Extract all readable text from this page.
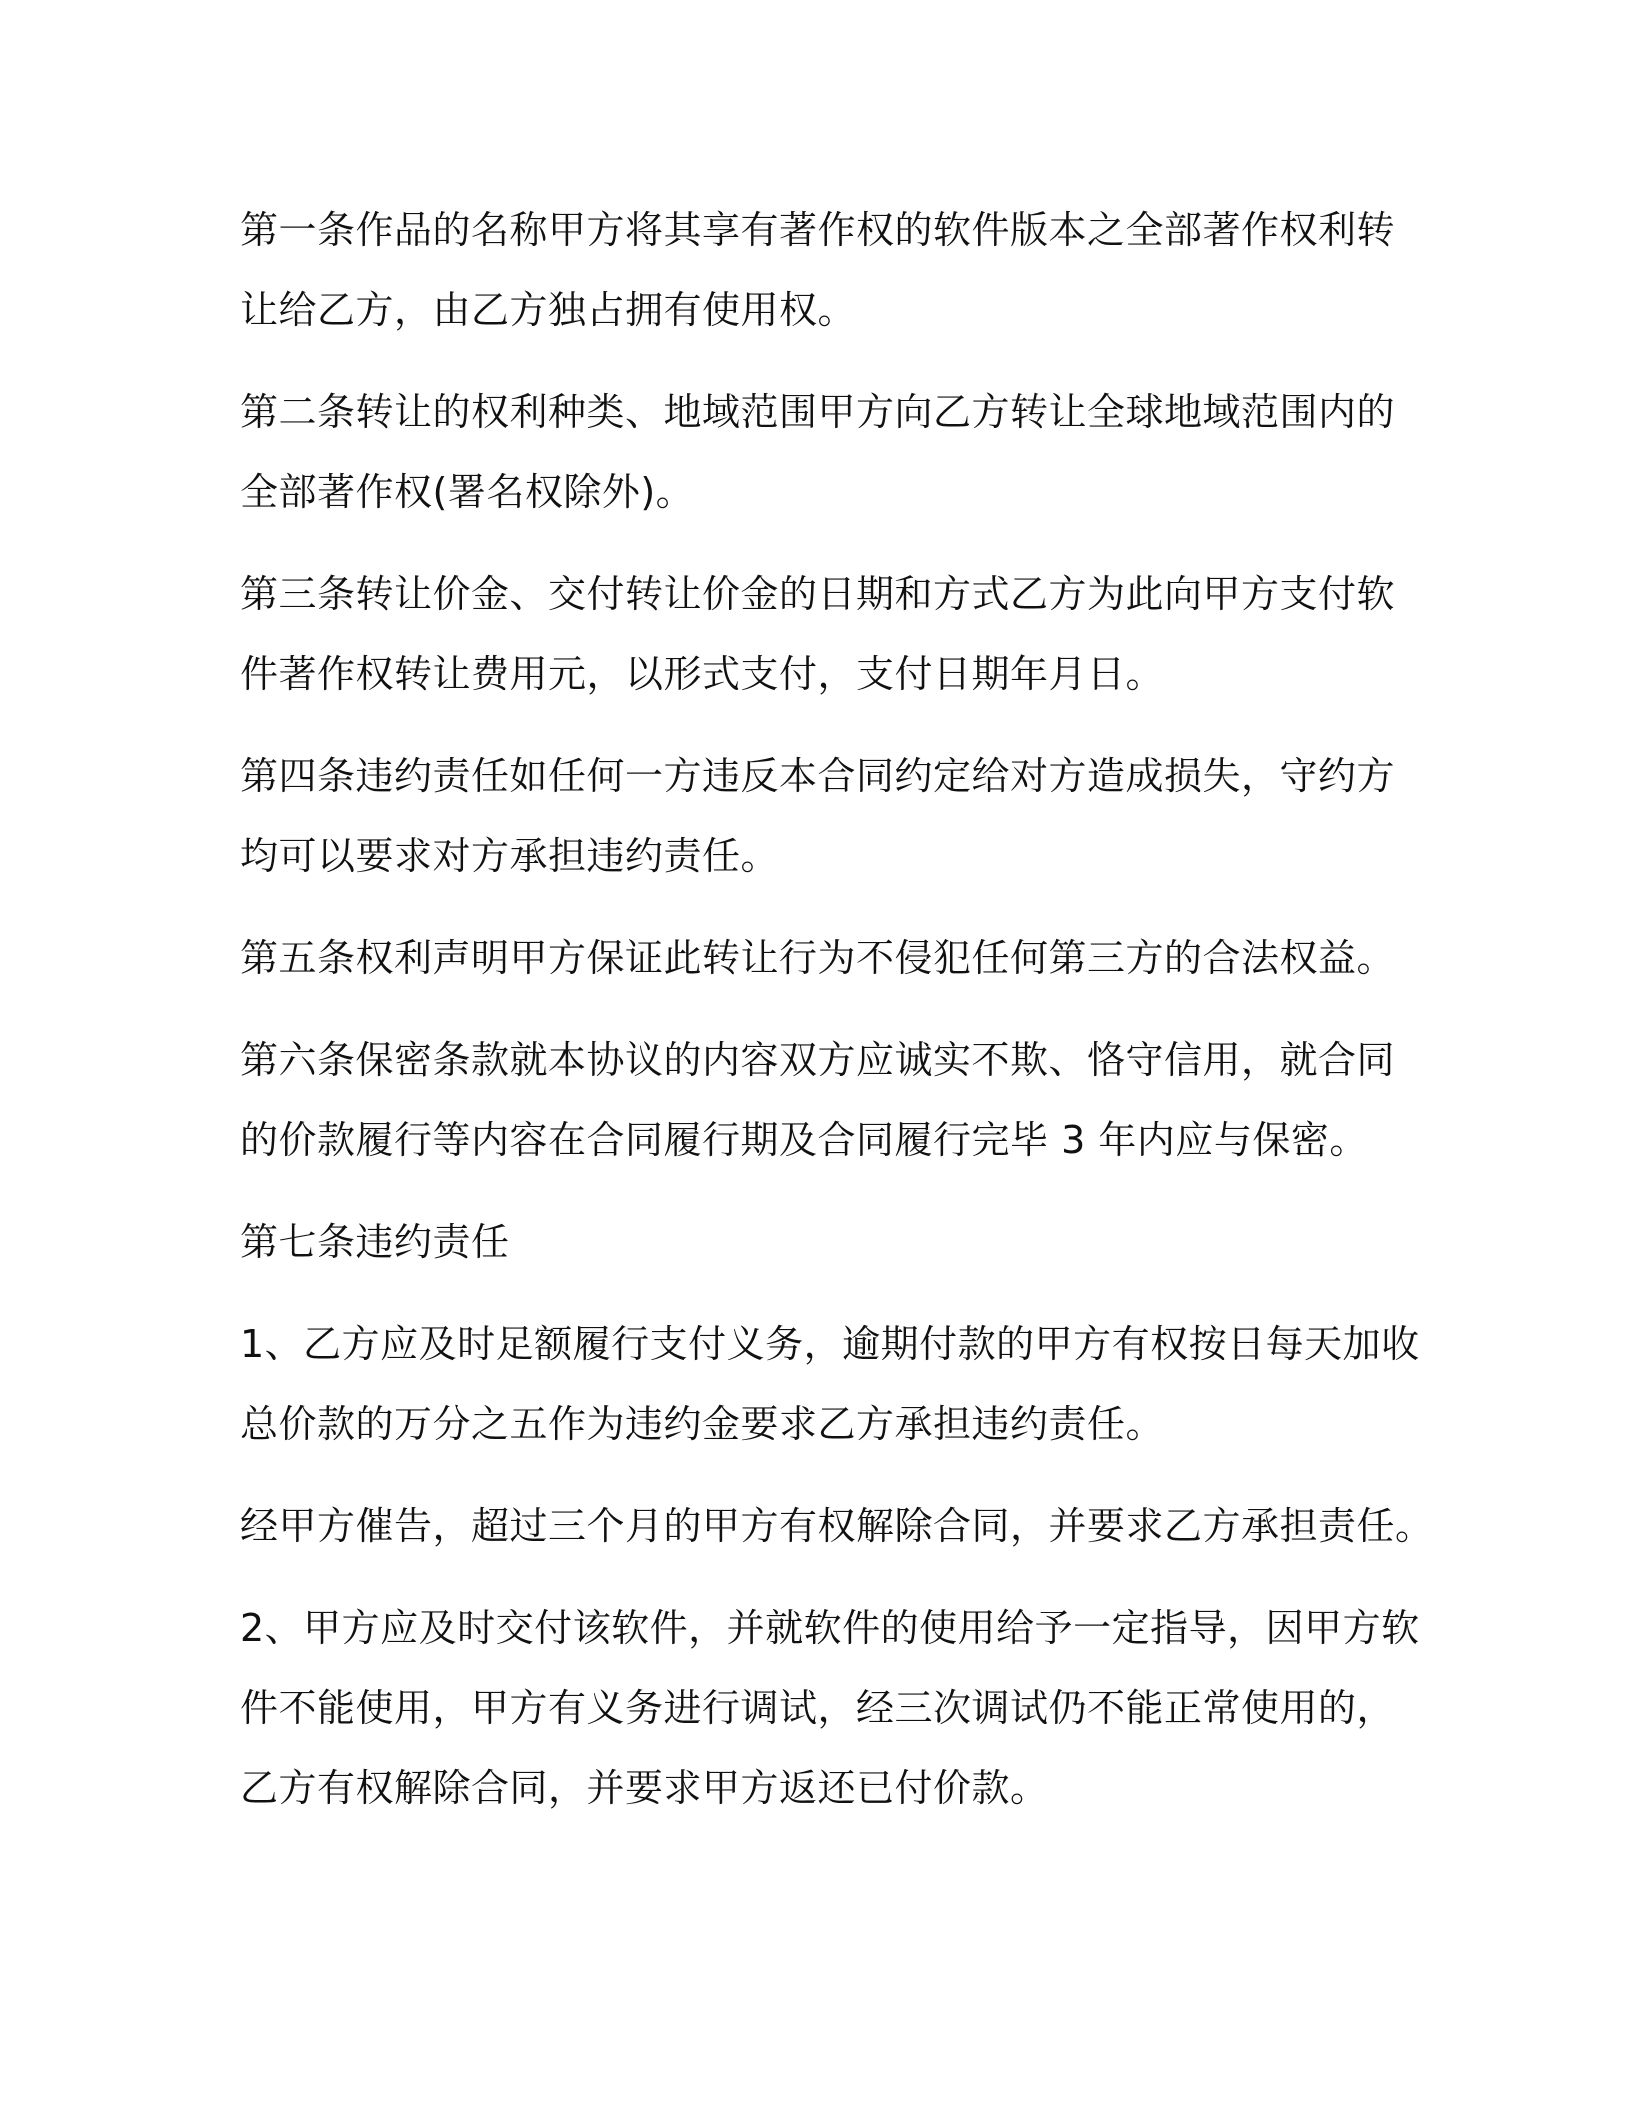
第一条作品的名称甲方将其享有著作权的软件版本之全部著作权利转
让给乙方，由乙方独占拥有使用权。

第二条转让的权利种类、地域范围甲方向乙方转让全球地域范围内的
全部著作权(署名权除外)。

第三条转让价金、交付转让价金的日期和方式乙方为此向甲方支付软
件著作权转让费用元，以形式支付，支付日期年月日。

第四条违约责任如任何一方违反本合同约定给对方造成损失，守约方
均可以要求对方承担违约责任。

第五条权利声明甲方保证此转让行为不侵犯任何第三方的合法权益。

第六条保密条款就本协议的内容双方应诚实不欺、恪守信用，就合同
的价款履行等内容在合同履行期及合同履行完毕 3 年内应与保密。

第七条违约责任

1、乙方应及时足额履行支付义务，逾期付款的甲方有权按日每天加收
总价款的万分之五作为违约金要求乙方承担违约责任。

经甲方催告，超过三个月的甲方有权解除合同，并要求乙方承担责任。

2、甲方应及时交付该软件，并就软件的使用给予一定指导，因甲方软
件不能使用，甲方有义务进行调试，经三次调试仍不能正常使用的，
乙方有权解除合同，并要求甲方返还已付价款。
